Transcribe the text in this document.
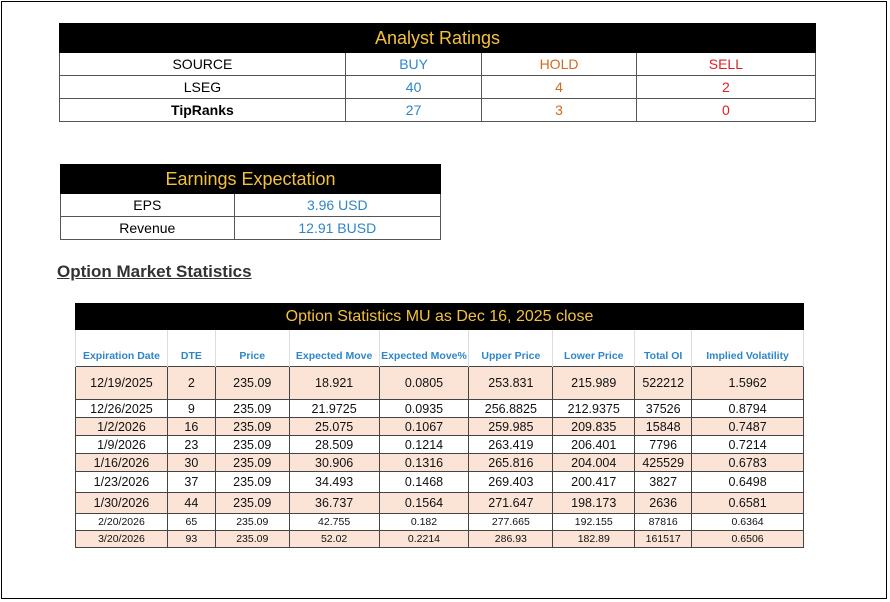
Analyst Ratings			
SOURCE	BUY	HOLD	SELL
LSEG	40	4	2
TipRanks	27	3	0
Earnings Expectation	
EPS	3.96 USD
Revenue	12.91 BUSD

Option Market Statistics

Option Statistics MU as Dec 16, 2025 close								
Expiration Date	DTE	Price	Expected Move	Expected Move%	Upper Price	Lower Price	Total OI	Implied Volatility
12/19/2025	2	235.09	18.921	0.0805	253.831	215.989	522212	1.5962
12/26/2025	9	235.09	21.9725	0.0935	256.8825	212.9375	37526	0.8794
1/2/2026	16	235.09	25.075	0.1067	259.985	209.835	15848	0.7487
1/9/2026	23	235.09	28.509	0.1214	263.419	206.401	7796	0.7214
1/16/2026	30	235.09	30.906	0.1316	265.816	204.004	425529	0.6783
1/23/2026	37	235.09	34.493	0.1468	269.403	200.417	3827	0.6498
1/30/2026	44	235.09	36.737	0.1564	271.647	198.173	2636	0.6581
2/20/2026	65	235.09	42.755	0.182	277.665	192.155	87816	0.6364
3/20/2026	93	235.09	52.02	0.2214	286.93	182.89	161517	0.6506
